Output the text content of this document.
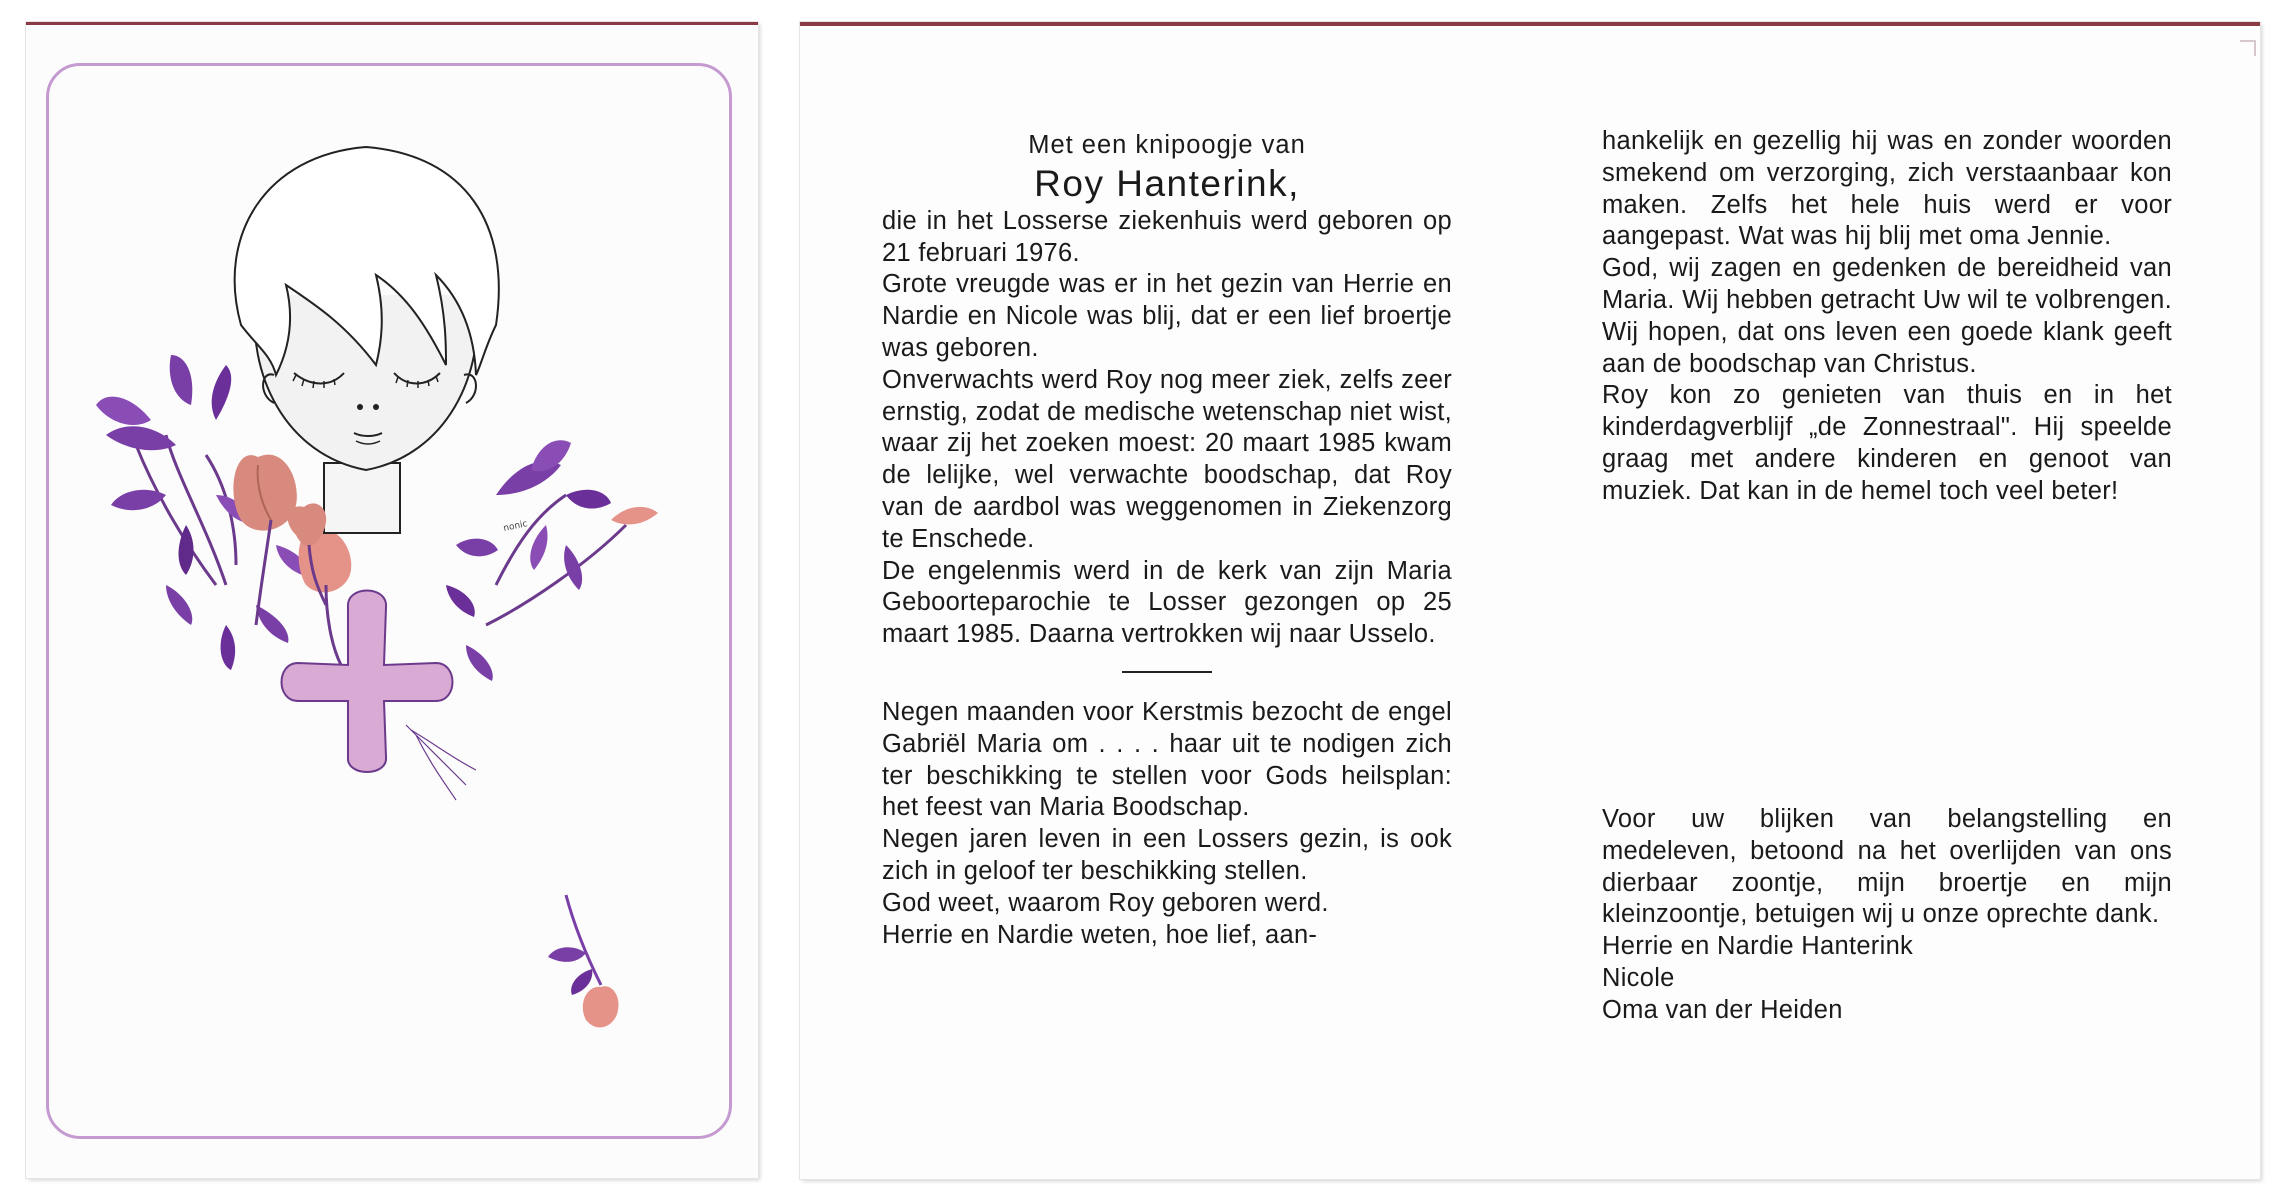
nonic

Met een knipoogje van

Roy Hanterink,

die in het Losserse ziekenhuis werd geboren op 21 februari 1976.

Grote vreugde was er in het gezin van Herrie en Nardie en Nicole was blij, dat er een lief broertje was geboren.

Onverwachts werd Roy nog meer ziek, zelfs zeer ernstig, zodat de medische wetenschap niet wist, waar zij het zoeken moest: 20 maart 1985 kwam de lelijke, wel verwachte boodschap, dat Roy van de aardbol was weggenomen in Ziekenzorg te Enschede.

De engelenmis werd in de kerk van zijn Maria Geboorteparochie te Losser gezongen op 25 maart 1985. Daarna vertrokken wij naar Usselo.

Negen maanden voor Kerstmis bezocht de engel Gabriël Maria om . . . . haar uit te nodigen zich ter beschikking te stellen voor Gods heilsplan: het feest van Maria Boodschap.

Negen jaren leven in een Lossers gezin, is ook zich in geloof ter beschikking stellen.

God weet, waarom Roy geboren werd.

Herrie en Nardie weten, hoe lief, aan-

hankelijk en gezellig hij was en zonder woorden smekend om verzorging, zich verstaanbaar kon maken. Zelfs het hele huis werd er voor aangepast. Wat was hij blij met oma Jennie.

God, wij zagen en gedenken de bereidheid van Maria. Wij hebben getracht Uw wil te volbrengen. Wij hopen, dat ons leven een goede klank geeft aan de boodschap van Christus.

Roy kon zo genieten van thuis en in het kinderdagverblijf „de Zonnestraal". Hij speelde graag met andere kinderen en genoot van muziek. Dat kan in de hemel toch veel beter!

Voor uw blijken van belangstelling en medeleven, betoond na het overlijden van ons dierbaar zoontje, mijn broertje en mijn kleinzoontje, betuigen wij u onze oprechte dank.

Herrie en Nardie Hanterink

Nicole

Oma van der Heiden
